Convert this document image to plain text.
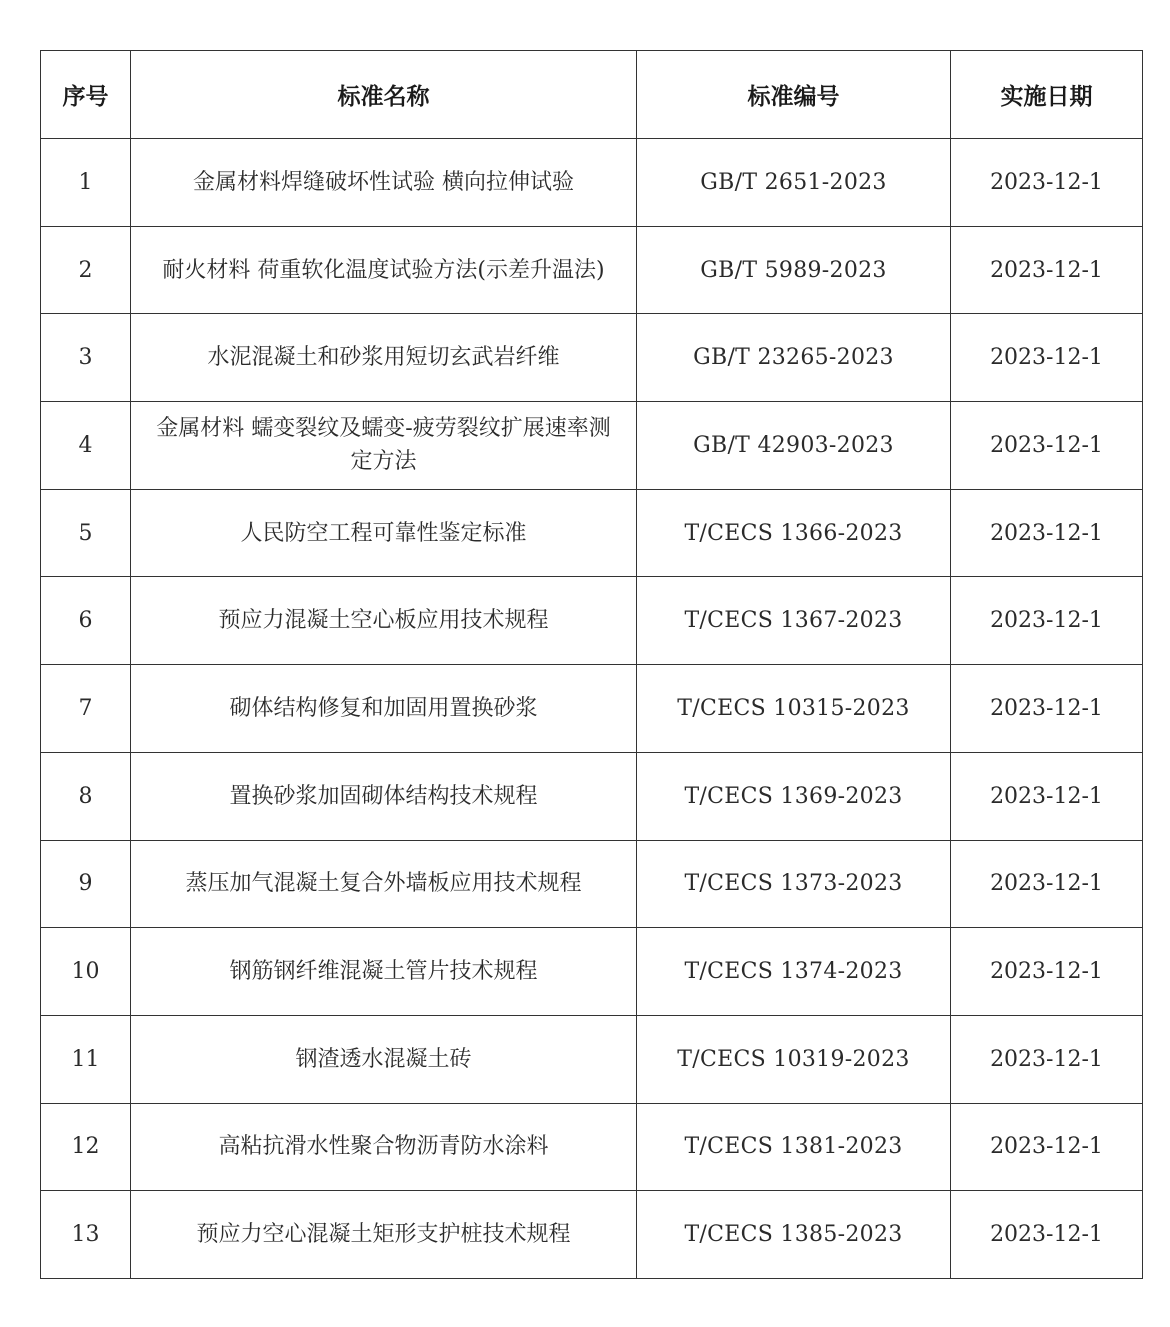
序号	标准名称	标准编号	实施日期
1	金属材料焊缝破坏性试验 横向拉伸试验	GB/T 2651-2023	2023-12-1
2	耐火材料 荷重软化温度试验方法(示差升温法)	GB/T 5989-2023	2023-12-1
3	水泥混凝土和砂浆用短切玄武岩纤维	GB/T 23265-2023	2023-12-1
4	金属材料 蠕变裂纹及蠕变-疲劳裂纹扩展速率测定方法	GB/T 42903-2023	2023-12-1
5	人民防空工程可靠性鉴定标准	T/CECS 1366-2023	2023-12-1
6	预应力混凝土空心板应用技术规程	T/CECS 1367-2023	2023-12-1
7	砌体结构修复和加固用置换砂浆	T/CECS 10315-2023	2023-12-1
8	置换砂浆加固砌体结构技术规程	T/CECS 1369-2023	2023-12-1
9	蒸压加气混凝土复合外墙板应用技术规程	T/CECS 1373-2023	2023-12-1
10	钢筋钢纤维混凝土管片技术规程	T/CECS 1374-2023	2023-12-1
11	钢渣透水混凝土砖	T/CECS 10319-2023	2023-12-1
12	高粘抗滑水性聚合物沥青防水涂料	T/CECS 1381-2023	2023-12-1
13	预应力空心混凝土矩形支护桩技术规程	T/CECS 1385-2023	2023-12-1
